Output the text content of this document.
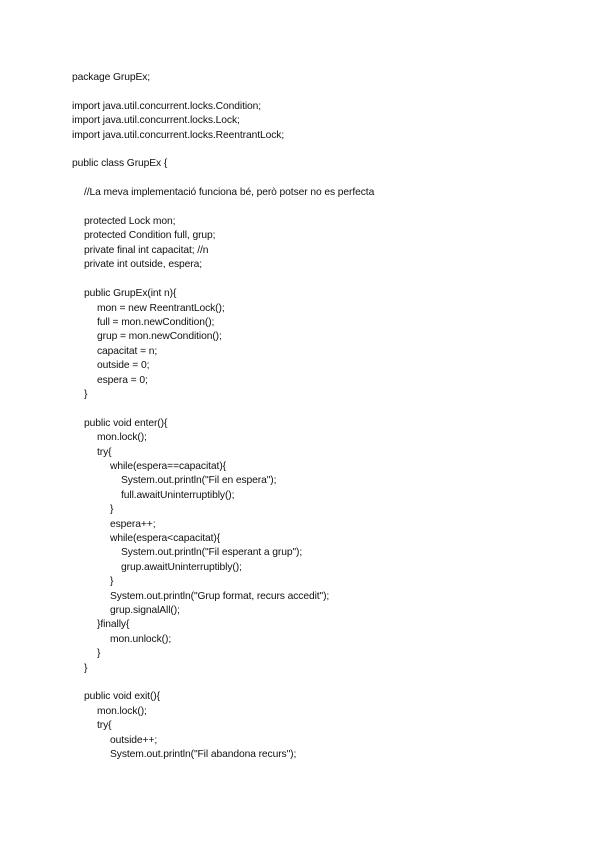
package GrupEx;
import java.util.concurrent.locks.Condition;
import java.util.concurrent.locks.Lock;
import java.util.concurrent.locks.ReentrantLock;
public class GrupEx {
//La meva implementació funciona bé, però potser no es perfecta
protected Lock mon;
protected Condition full, grup;
private final int capacitat; //n
private int outside, espera;
public GrupEx(int n){
mon = new ReentrantLock();
full = mon.newCondition();
grup = mon.newCondition();
capacitat = n;
outside = 0;
espera = 0;
}
public void enter(){
mon.lock();
try{
while(espera==capacitat){
System.out.println("Fil en espera");
full.awaitUninterruptibly();
}
espera++;
while(espera<capacitat){
System.out.println("Fil esperant a grup");
grup.awaitUninterruptibly();
}
System.out.println("Grup format, recurs accedit");
grup.signalAll();
}finally{
mon.unlock();
}
}
public void exit(){
mon.lock();
try{
outside++;
System.out.println("Fil abandona recurs");
